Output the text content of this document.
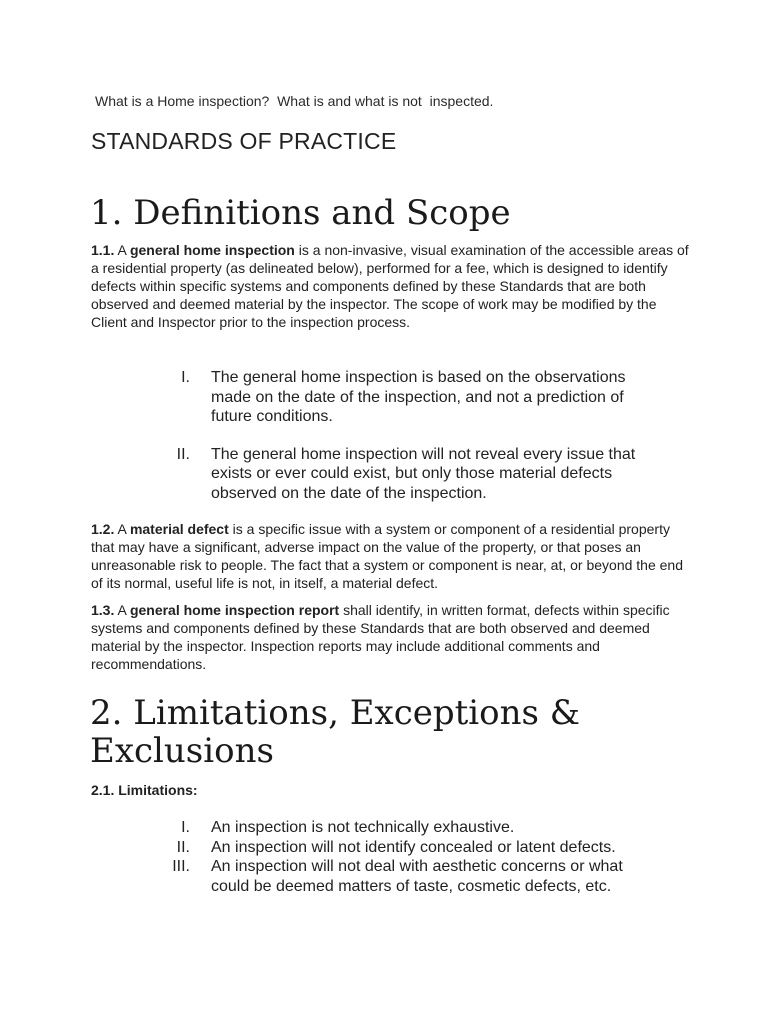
What is a Home inspection?  What is and what is not  inspected.
STANDARDS OF PRACTICE
1. Definitions and Scope

1.1. A general home inspection is a non-invasive, visual examination of the accessible areas of a residential property (as delineated below), performed for a fee, which is designed to identify defects within specific systems and components defined by these Standards that are both observed and deemed material by the inspector. The scope of work may be modified by the Client and Inspector prior to the inspection process.

I. The general home inspection is based on the observations made on the date of the inspection, and not a prediction of future conditions.
II. The general home inspection will not reveal every issue that exists or ever could exist, but only those material defects observed on the date of the inspection.

1.2. A material defect is a specific issue with a system or component of a residential property that may have a significant, adverse impact on the value of the property, or that poses an unreasonable risk to people. The fact that a system or component is near, at, or beyond the end of its normal, useful life is not, in itself, a material defect.

1.3. A general home inspection report shall identify, in written format, defects within specific systems and components defined by these Standards that are both observed and deemed material by the inspector. Inspection reports may include additional comments and recommendations.

2. Limitations, Exceptions & Exclusions
2.1. Limitations:
I. An inspection is not technically exhaustive.
II. An inspection will not identify concealed or latent defects.
III. An inspection will not deal with aesthetic concerns or what could be deemed matters of taste, cosmetic defects, etc.
